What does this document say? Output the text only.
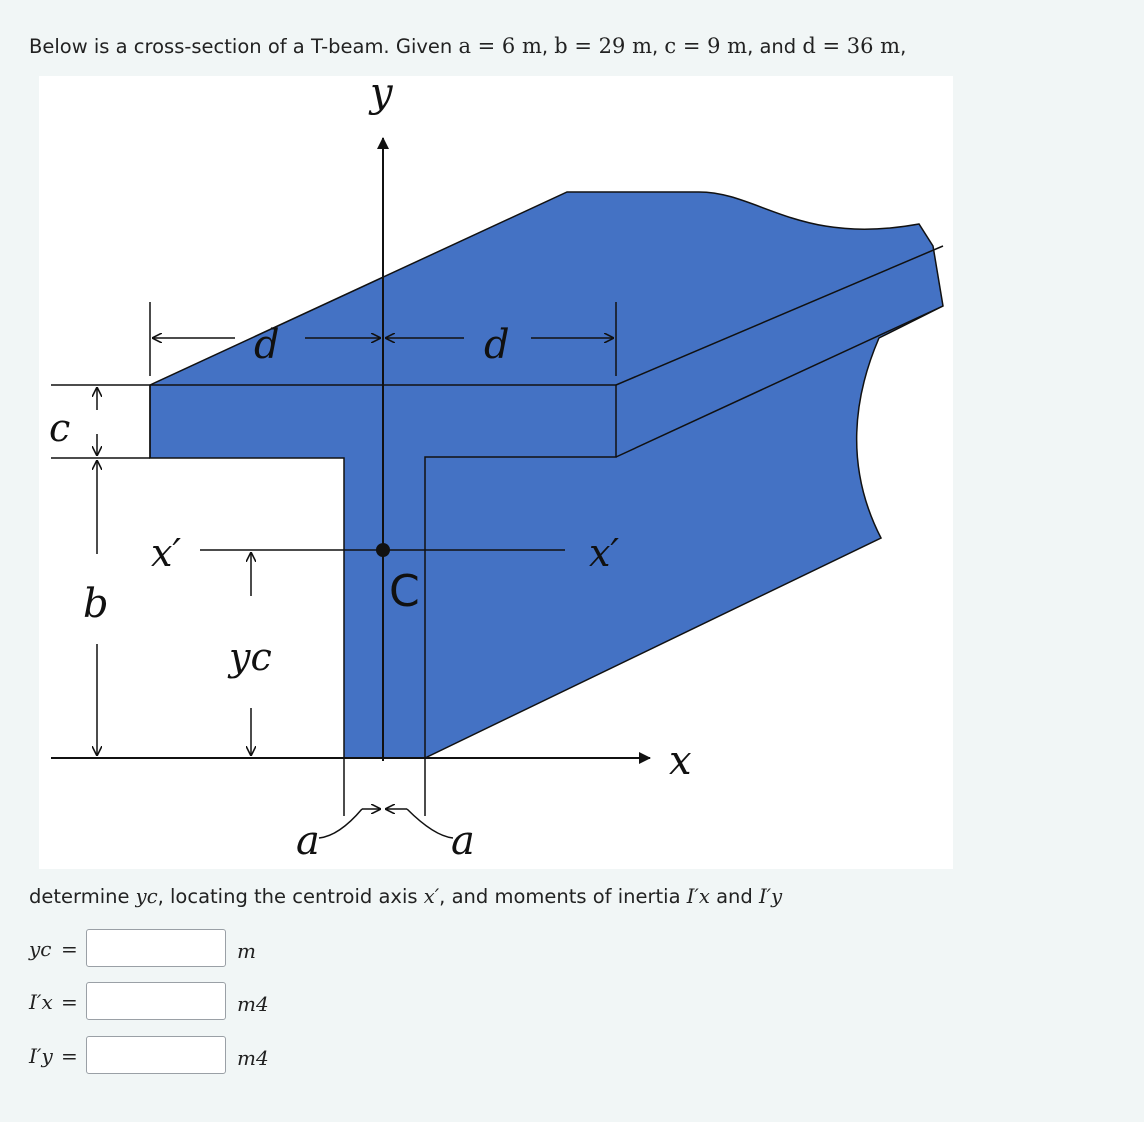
Below is a cross-section of a T-beam. Given a = 6 m, b = 29 m, c = 9 m, and d = 36 m,
y
x
c
b
d	d
x′	x′
yc
C
a	a
determine yc, locating the centroid axis x′, and moments of inertia I′x and I′y
yc =	m
I′x =	m4
I′y =	m4
